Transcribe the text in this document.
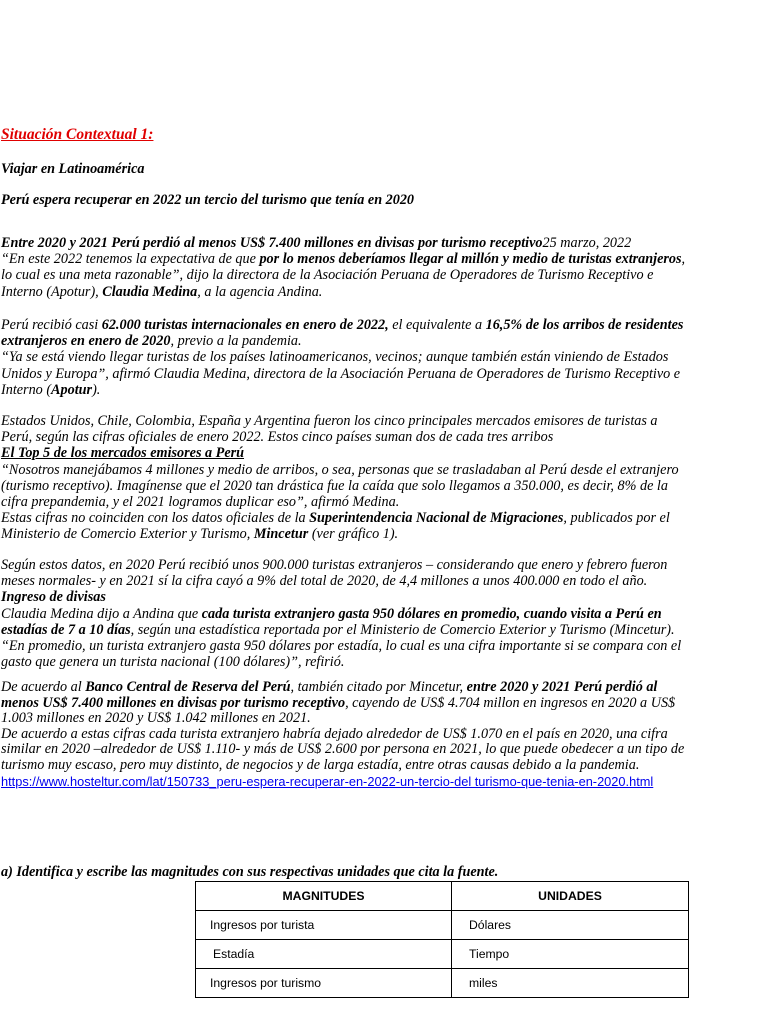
Situación Contextual 1:
Viajar en Latinoamérica
Perú espera recuperar en 2022 un tercio del turismo que tenía en 2020
Entre 2020 y 2021 Perú perdió al menos US$ 7.400 millones en divisas por turismo receptivo25 marzo, 2022
“En este 2022 tenemos la expectativa de que por lo menos deberíamos llegar al millón y medio de turistas extranjeros,
lo cual es una meta razonable”, dijo la directora de la Asociación Peruana de Operadores de Turismo Receptivo e
Interno (Apotur), Claudia Medina, a la agencia Andina.
Perú recibió casi 62.000 turistas internacionales en enero de 2022, el equivalente a 16,5% de los arribos de residentes
extranjeros en enero de 2020, previo a la pandemia.
“Ya se está viendo llegar turistas de los países latinoamericanos, vecinos; aunque también están viniendo de Estados
Unidos y Europa”, afirmó Claudia Medina, directora de la Asociación Peruana de Operadores de Turismo Receptivo e
Interno (Apotur).
Estados Unidos, Chile, Colombia, España y Argentina fueron los cinco principales mercados emisores de turistas a
Perú, según las cifras oficiales de enero 2022. Estos cinco países suman dos de cada tres arribos
El Top 5 de los mercados emisores a Perú
“Nosotros manejábamos 4 millones y medio de arribos, o sea, personas que se trasladaban al Perú desde el extranjero
(turismo receptivo). Imagínense que el 2020 tan drástica fue la caída que solo llegamos a 350.000, es decir, 8% de la
cifra prepandemia, y el 2021 logramos duplicar eso”, afirmó Medina.
Estas cifras no coinciden con los datos oficiales de la Superintendencia Nacional de Migraciones, publicados por el
Ministerio de Comercio Exterior y Turismo, Mincetur (ver gráfico 1).
Según estos datos, en 2020 Perú recibió unos 900.000 turistas extranjeros – considerando que enero y febrero fueron
meses normales- y en 2021 sí la cifra cayó a 9% del total de 2020, de 4,4 millones a unos 400.000 en todo el año.
Ingreso de divisas
Claudia Medina dijo a Andina que cada turista extranjero gasta 950 dólares en promedio, cuando visita a Perú en
estadías de 7 a 10 días, según una estadística reportada por el Ministerio de Comercio Exterior y Turismo (Mincetur).
“En promedio, un turista extranjero gasta 950 dólares por estadía, lo cual es una cifra importante si se compara con el
gasto que genera un turista nacional (100 dólares)”, refirió.
De acuerdo al Banco Central de Reserva del Perú, también citado por Mincetur, entre 2020 y 2021 Perú perdió al
menos US$ 7.400 millones en divisas por turismo receptivo, cayendo de US$ 4.704 millon en ingresos en 2020 a US$
1.003 millones en 2020 y US$ 1.042 millones en 2021.
De acuerdo a estas cifras cada turista extranjero habría dejado alrededor de US$ 1.070 en el país en 2020, una cifra
similar en 2020 –alrededor de US$ 1.110- y más de US$ 2.600 por persona en 2021, lo que puede obedecer a un tipo de
turismo muy escaso, pero muy distinto, de negocios y de larga estadía, entre otras causas debido a la pandemia.
https://www.hosteltur.com/lat/150733_peru-espera-recuperar-en-2022-un-tercio-del turismo-que-tenia-en-2020.html
a) Identifica y escribe las magnitudes con sus respectivas unidades que cita la fuente.
MAGNITUDES	UNIDADES
Ingresos por turista	Dólares
Estadía	Tiempo
Ingresos por turismo	miles
